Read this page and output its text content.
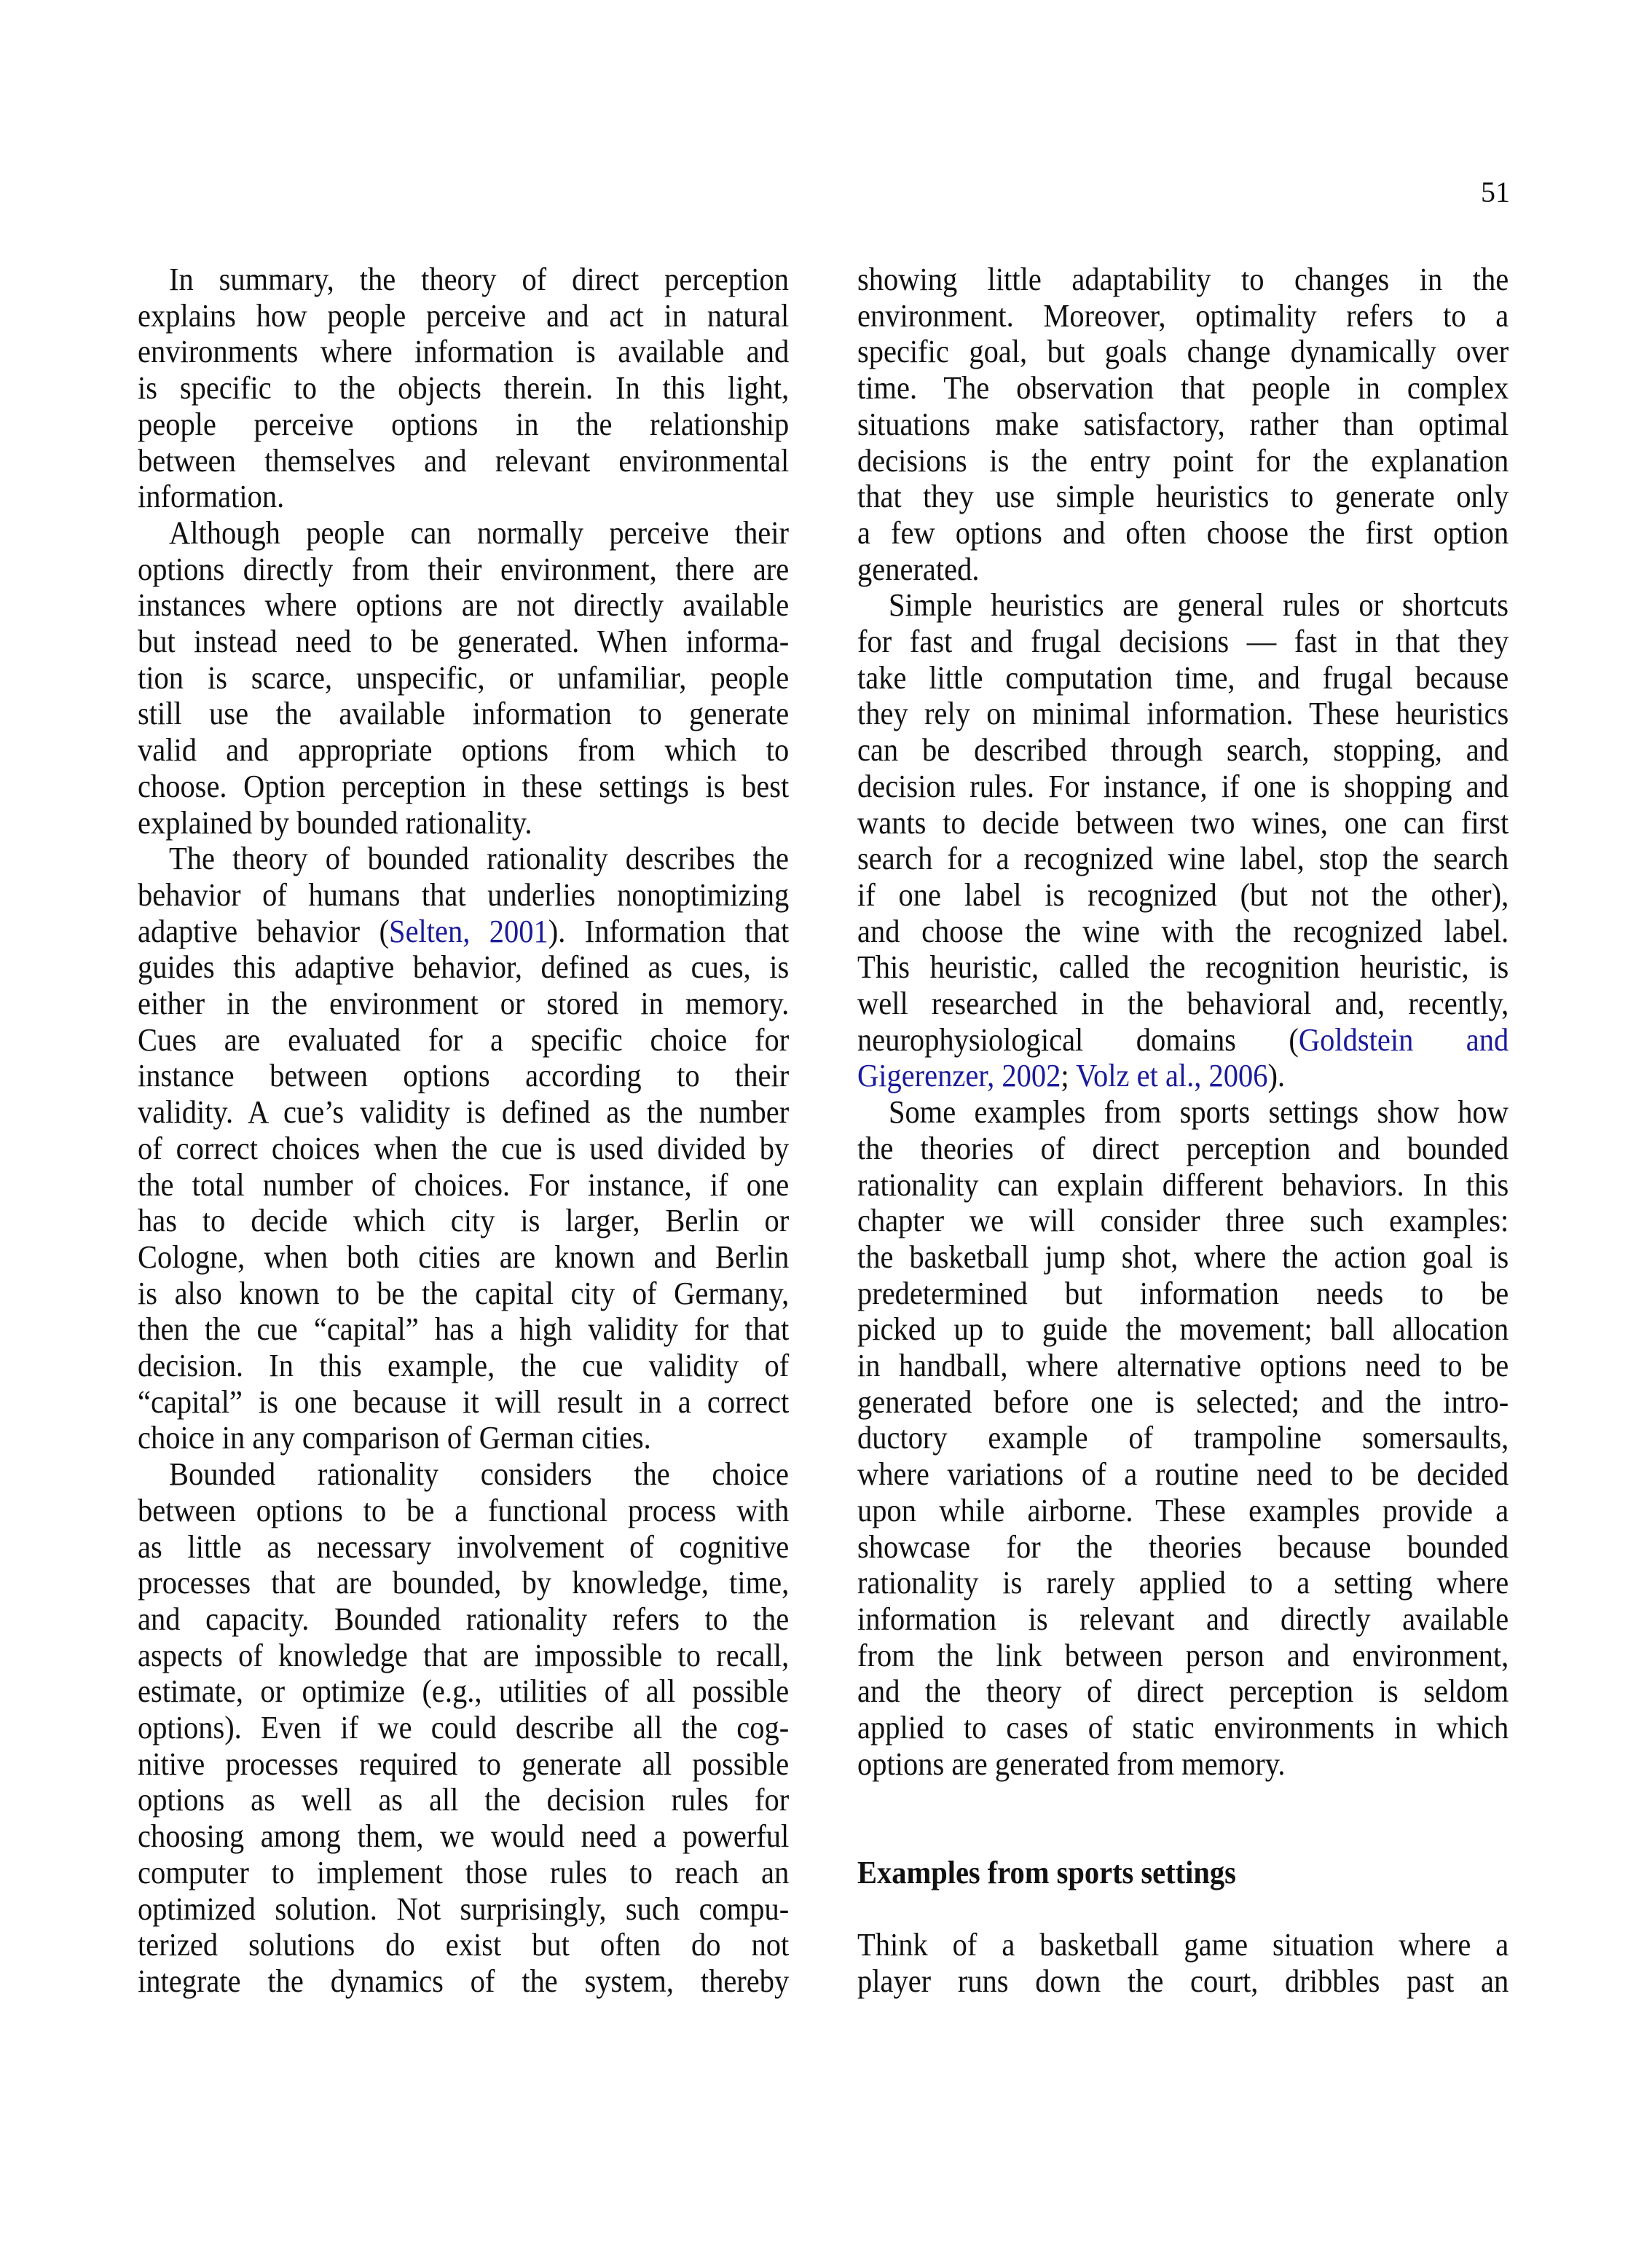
51
In summary, the theory of direct perception
explains how people perceive and act in natural
environments where information is available and
is specific to the objects therein. In this light,
people perceive options in the relationship
between themselves and relevant environmental
information.
Although people can normally perceive their
options directly from their environment, there are
instances where options are not directly available
but instead need to be generated. When informa-
tion is scarce, unspecific, or unfamiliar, people
still use the available information to generate
valid and appropriate options from which to
choose. Option perception in these settings is best
explained by bounded rationality.
The theory of bounded rationality describes the
behavior of humans that underlies nonoptimizing
adaptive behavior (Selten, 2001). Information that
guides this adaptive behavior, defined as cues, is
either in the environment or stored in memory.
Cues are evaluated for a specific choice for
instance between options according to their
validity. A cue’s validity is defined as the number
of correct choices when the cue is used divided by
the total number of choices. For instance, if one
has to decide which city is larger, Berlin or
Cologne, when both cities are known and Berlin
is also known to be the capital city of Germany,
then the cue “capital” has a high validity for that
decision. In this example, the cue validity of
“capital” is one because it will result in a correct
choice in any comparison of German cities.
Bounded rationality considers the choice
between options to be a functional process with
as little as necessary involvement of cognitive
processes that are bounded, by knowledge, time,
and capacity. Bounded rationality refers to the
aspects of knowledge that are impossible to recall,
estimate, or optimize (e.g., utilities of all possible
options). Even if we could describe all the cog-
nitive processes required to generate all possible
options as well as all the decision rules for
choosing among them, we would need a powerful
computer to implement those rules to reach an
optimized solution. Not surprisingly, such compu-
terized solutions do exist but often do not
integrate the dynamics of the system, thereby
showing little adaptability to changes in the
environment. Moreover, optimality refers to a
specific goal, but goals change dynamically over
time. The observation that people in complex
situations make satisfactory, rather than optimal
decisions is the entry point for the explanation
that they use simple heuristics to generate only
a few options and often choose the first option
generated.
Simple heuristics are general rules or shortcuts
for fast and frugal decisions — fast in that they
take little computation time, and frugal because
they rely on minimal information. These heuristics
can be described through search, stopping, and
decision rules. For instance, if one is shopping and
wants to decide between two wines, one can first
search for a recognized wine label, stop the search
if one label is recognized (but not the other),
and choose the wine with the recognized label.
This heuristic, called the recognition heuristic, is
well researched in the behavioral and, recently,
neurophysiological domains (Goldstein and
Gigerenzer, 2002; Volz et al., 2006).
Some examples from sports settings show how
the theories of direct perception and bounded
rationality can explain different behaviors. In this
chapter we will consider three such examples:
the basketball jump shot, where the action goal is
predetermined but information needs to be
picked up to guide the movement; ball allocation
in handball, where alternative options need to be
generated before one is selected; and the intro-
ductory example of trampoline somersaults,
where variations of a routine need to be decided
upon while airborne. These examples provide a
showcase for the theories because bounded
rationality is rarely applied to a setting where
information is relevant and directly available
from the link between person and environment,
and the theory of direct perception is seldom
applied to cases of static environments in which
options are generated from memory.
Examples from sports settings
Think of a basketball game situation where a
player runs down the court, dribbles past an
